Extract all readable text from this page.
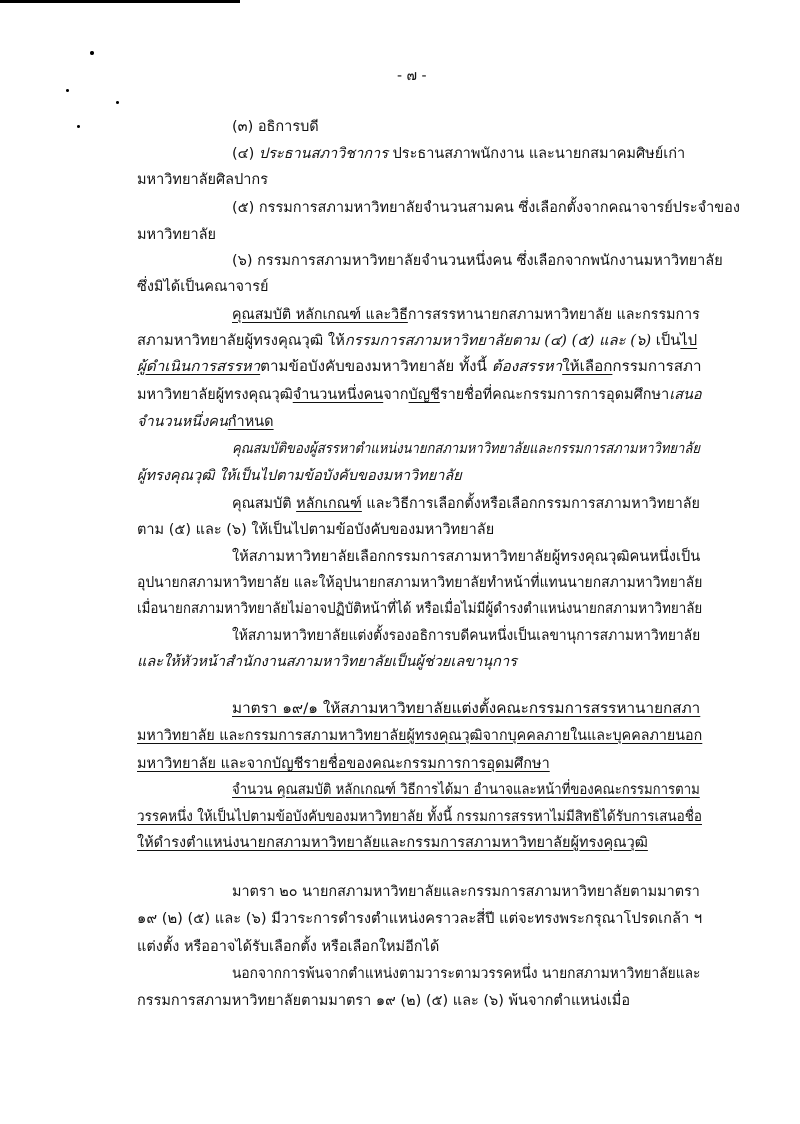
- ๗ -
(๓) อธิการบดี
(๔) ประธานสภาวิชาการ ประธานสภาพนักงาน และนายกสมาคมศิษย์เก่า
มหาวิทยาลัยศิลปากร
(๕) กรรมการสภามหาวิทยาลัยจำนวนสามคน ซึ่งเลือกตั้งจากคณาจารย์ประจำของ
มหาวิทยาลัย
(๖) กรรมการสภามหาวิทยาลัยจำนวนหนึ่งคน ซึ่งเลือกจากพนักงานมหาวิทยาลัย
ซึ่งมิได้เป็นคณาจารย์
คุณสมบัติ หลักเกณฑ์ และวิธีการสรรหานายกสภามหาวิทยาลัย และกรรมการ
สภามหาวิทยาลัยผู้ทรงคุณวุฒิ ให้กรรมการสภามหาวิทยาลัยตาม (๔) (๕) และ (๖) เป็นไป
ผู้ดำเนินการสรรหาตามข้อบังคับของมหาวิทยาลัย ทั้งนี้ ต้องสรรหาให้เลือกกรรมการสภา
มหาวิทยาลัยผู้ทรงคุณวุฒิจำนวนหนึ่งคนจากบัญชีรายชื่อที่คณะกรรมการการอุดมศึกษาเสนอ
จำนวนหนึ่งคนกำหนด
คุณสมบัติของผู้สรรหาตำแหน่งนายกสภามหาวิทยาลัยและกรรมการสภามหาวิทยาลัย
ผู้ทรงคุณวุฒิ ให้เป็นไปตามข้อบังคับของมหาวิทยาลัย
คุณสมบัติ หลักเกณฑ์ และวิธีการเลือกตั้งหรือเลือกกรรมการสภามหาวิทยาลัย
ตาม (๕) และ (๖) ให้เป็นไปตามข้อบังคับของมหาวิทยาลัย
ให้สภามหาวิทยาลัยเลือกกรรมการสภามหาวิทยาลัยผู้ทรงคุณวุฒิคนหนึ่งเป็น
อุปนายกสภามหาวิทยาลัย และให้อุปนายกสภามหาวิทยาลัยทำหน้าที่แทนนายกสภามหาวิทยาลัย
เมื่อนายกสภามหาวิทยาลัยไม่อาจปฏิบัติหน้าที่ได้ หรือเมื่อไม่มีผู้ดำรงตำแหน่งนายกสภามหาวิทยาลัย
ให้สภามหาวิทยาลัยแต่งตั้งรองอธิการบดีคนหนึ่งเป็นเลขานุการสภามหาวิทยาลัย
และให้หัวหน้าสำนักงานสภามหาวิทยาลัยเป็นผู้ช่วยเลขานุการ
มาตรา ๑๙/๑ ให้สภามหาวิทยาลัยแต่งตั้งคณะกรรมการสรรหานายกสภา
มหาวิทยาลัย และกรรมการสภามหาวิทยาลัยผู้ทรงคุณวุฒิจากบุคคลภายในและบุคคลภายนอก
มหาวิทยาลัย และจากบัญชีรายชื่อของคณะกรรมการการอุดมศึกษา
จำนวน คุณสมบัติ หลักเกณฑ์ วิธีการได้มา อำนาจและหน้าที่ของคณะกรรมการตาม
วรรคหนึ่ง ให้เป็นไปตามข้อบังคับของมหาวิทยาลัย ทั้งนี้ กรรมการสรรหาไม่มีสิทธิได้รับการเสนอชื่อ
ให้ดำรงตำแหน่งนายกสภามหาวิทยาลัยและกรรมการสภามหาวิทยาลัยผู้ทรงคุณวุฒิ
มาตรา ๒๐ นายกสภามหาวิทยาลัยและกรรมการสภามหาวิทยาลัยตามมาตรา
๑๙ (๒) (๕) และ (๖) มีวาระการดำรงตำแหน่งคราวละสี่ปี แต่จะทรงพระกรุณาโปรดเกล้า ฯ
แต่งตั้ง หรืออาจได้รับเลือกตั้ง หรือเลือกใหม่อีกได้
นอกจากการพ้นจากตำแหน่งตามวาระตามวรรคหนึ่ง นายกสภามหาวิทยาลัยและ
กรรมการสภามหาวิทยาลัยตามมาตรา ๑๙ (๒) (๕) และ (๖) พ้นจากตำแหน่งเมื่อ
